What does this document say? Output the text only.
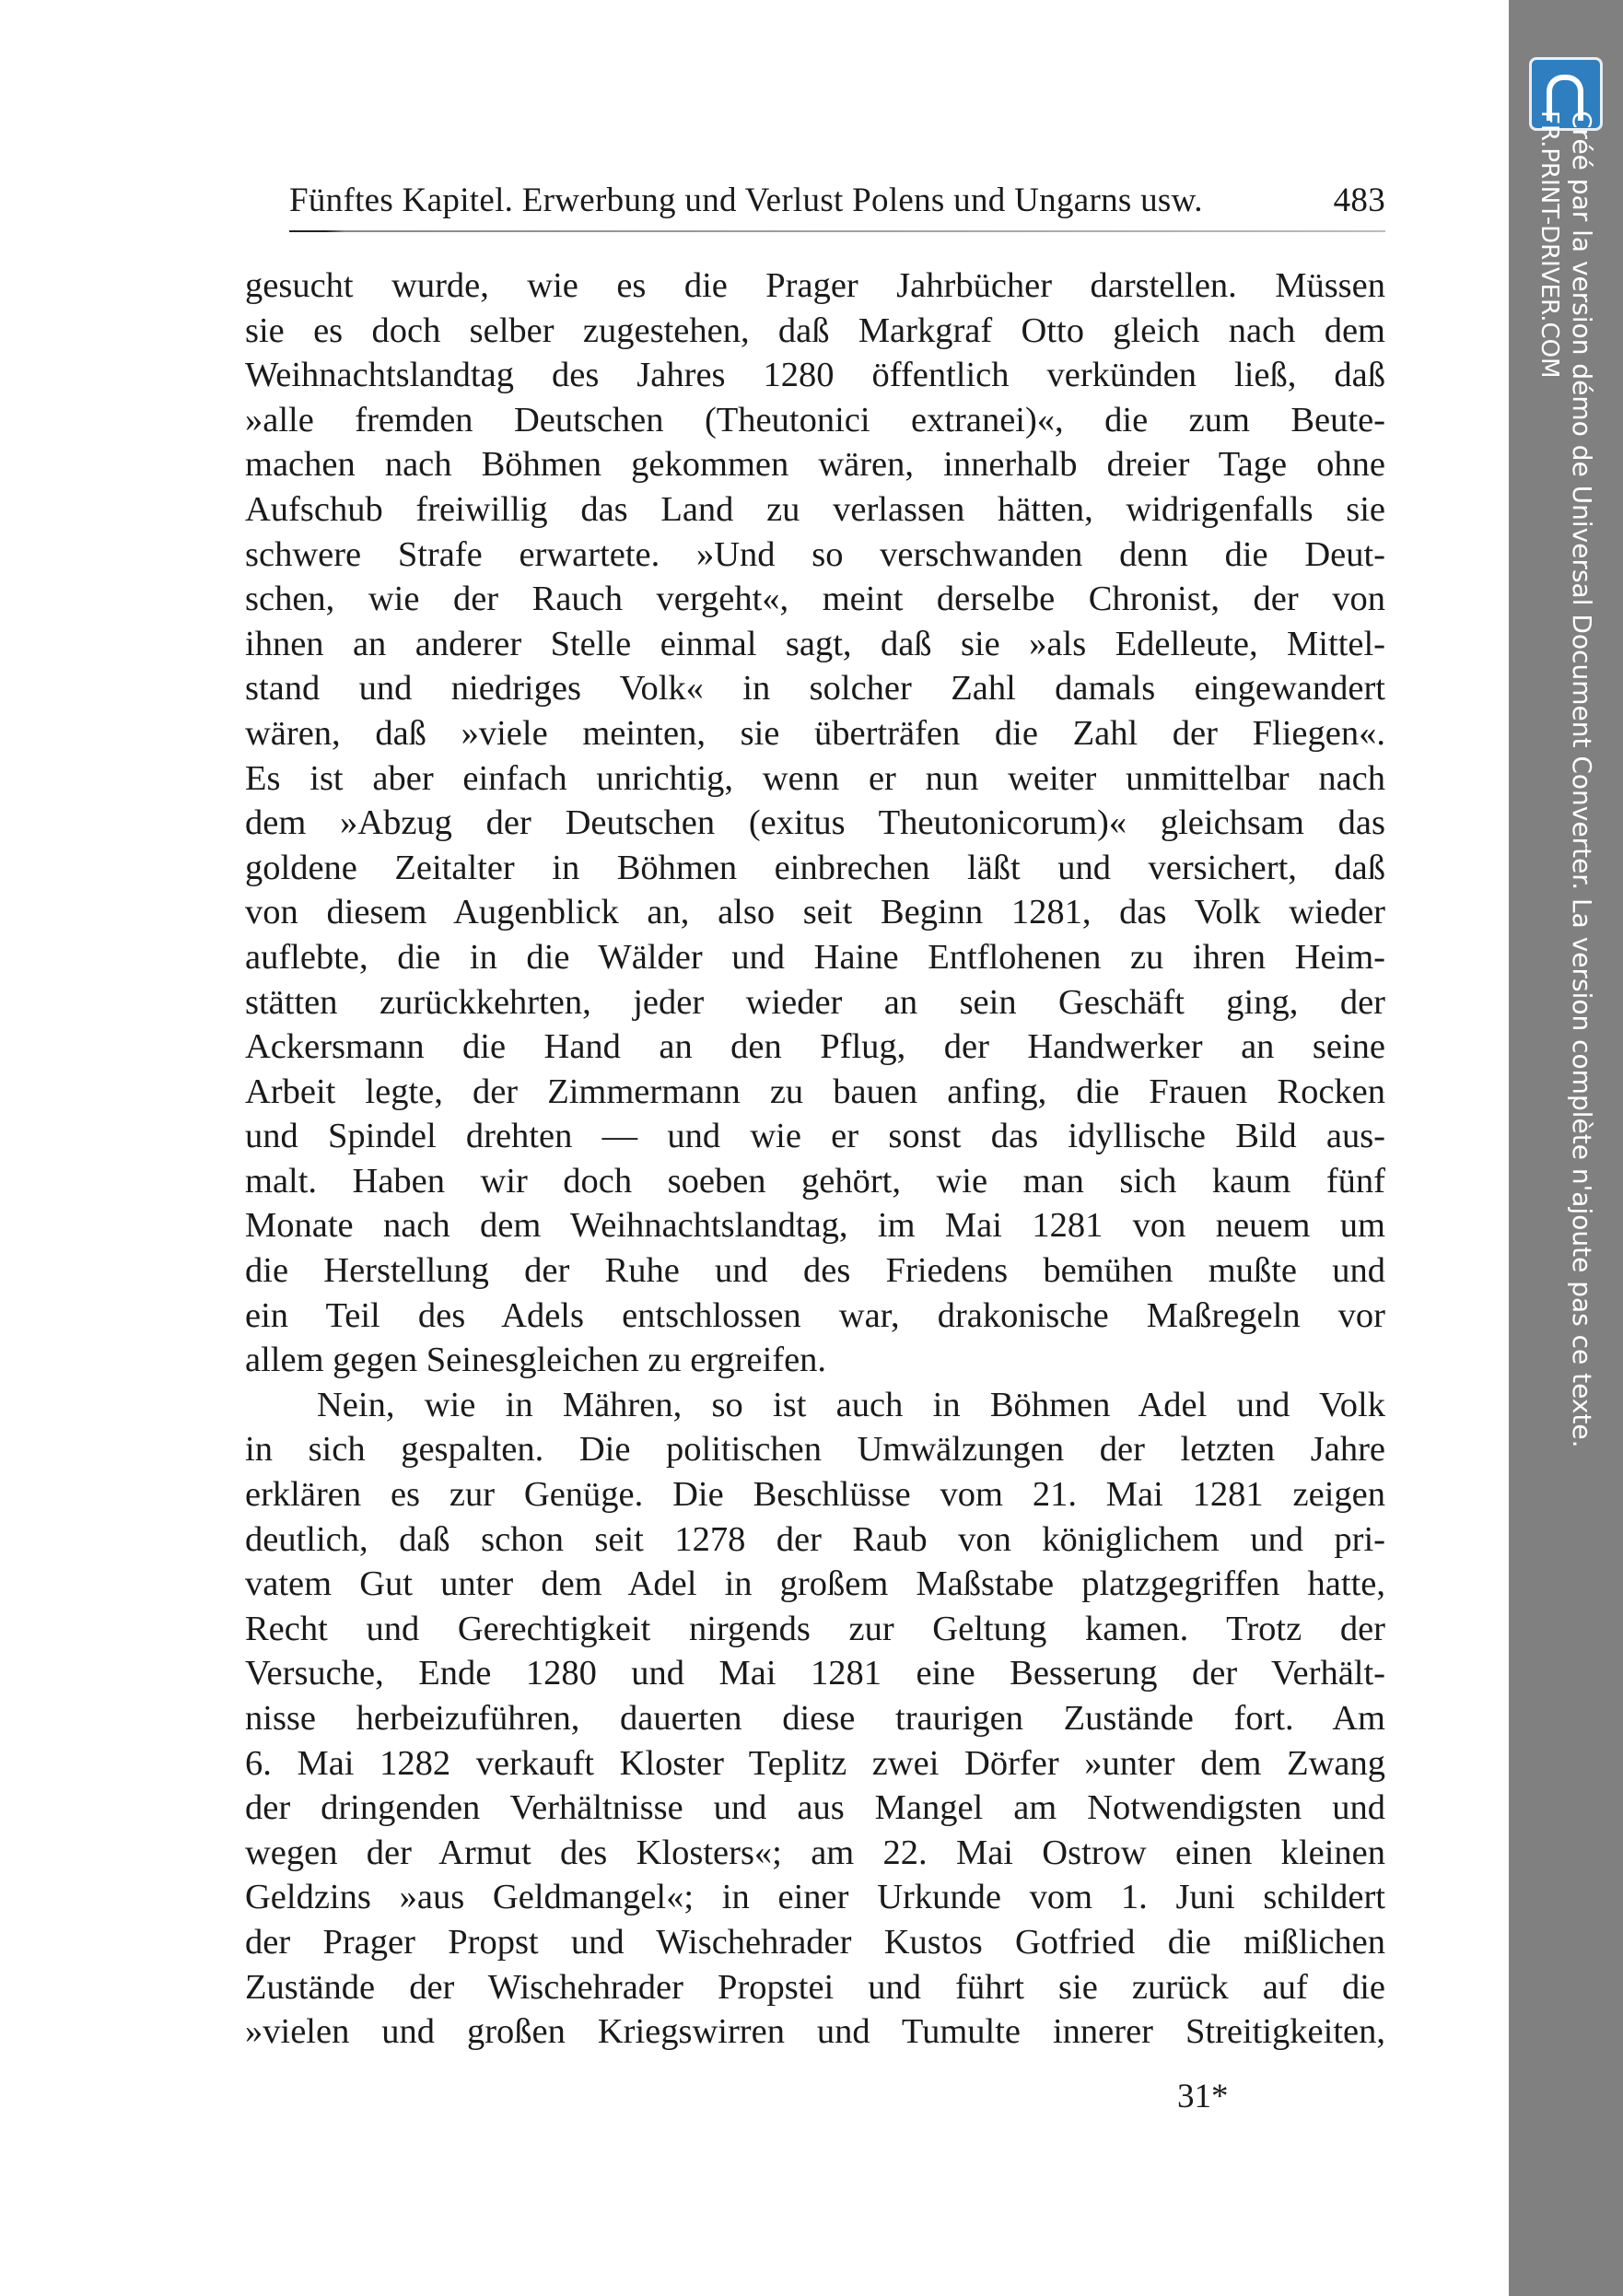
Fünftes Kapitel. Erwerbung und Verlust Polens und Ungarns usw.	483
gesucht wurde, wie es die Prager Jahrbücher darstellen. Müssen
sie es doch selber zugestehen, daß Markgraf Otto gleich nach dem
Weihnachtslandtag des Jahres 1280 öffentlich verkünden ließ, daß
»alle fremden Deutschen (Theutonici extranei)«, die zum Beute-
machen nach Böhmen gekommen wären, innerhalb dreier Tage ohne
Aufschub freiwillig das Land zu verlassen hätten, widrigenfalls sie
schwere Strafe erwartete. »Und so verschwanden denn die Deut-
schen, wie der Rauch vergeht«, meint derselbe Chronist, der von
ihnen an anderer Stelle einmal sagt, daß sie »als Edelleute, Mittel-
stand und niedriges Volk« in solcher Zahl damals eingewandert
wären, daß »viele meinten, sie überträfen die Zahl der Fliegen«.
Es ist aber einfach unrichtig, wenn er nun weiter unmittelbar nach
dem »Abzug der Deutschen (exitus Theutonicorum)« gleichsam das
goldene Zeitalter in Böhmen einbrechen läßt und versichert, daß
von diesem Augenblick an, also seit Beginn 1281, das Volk wieder
auflebte, die in die Wälder und Haine Entflohenen zu ihren Heim-
stätten zurückkehrten, jeder wieder an sein Geschäft ging, der
Ackersmann die Hand an den Pflug, der Handwerker an seine
Arbeit legte, der Zimmermann zu bauen anfing, die Frauen Rocken
und Spindel drehten — und wie er sonst das idyllische Bild aus-
malt. Haben wir doch soeben gehört, wie man sich kaum fünf
Monate nach dem Weihnachtslandtag, im Mai 1281 von neuem um
die Herstellung der Ruhe und des Friedens bemühen mußte und
ein Teil des Adels entschlossen war, drakonische Maßregeln vor
allem gegen Seinesgleichen zu ergreifen.
Nein, wie in Mähren, so ist auch in Böhmen Adel und Volk
in sich gespalten. Die politischen Umwälzungen der letzten Jahre
erklären es zur Genüge. Die Beschlüsse vom 21. Mai 1281 zeigen
deutlich, daß schon seit 1278 der Raub von königlichem und pri-
vatem Gut unter dem Adel in großem Maßstabe platzgegriffen hatte,
Recht und Gerechtigkeit nirgends zur Geltung kamen. Trotz der
Versuche, Ende 1280 und Mai 1281 eine Besserung der Verhält-
nisse herbeizuführen, dauerten diese traurigen Zustände fort. Am
6. Mai 1282 verkauft Kloster Teplitz zwei Dörfer »unter dem Zwang
der dringenden Verhältnisse und aus Mangel am Notwendigsten und
wegen der Armut des Klosters«; am 22. Mai Ostrow einen kleinen
Geldzins »aus Geldmangel«; in einer Urkunde vom 1. Juni schildert
der Prager Propst und Wischehrader Kustos Gotfried die mißlichen
Zustände der Wischehrader Propstei und führt sie zurück auf die
»vielen und großen Kriegswirren und Tumulte innerer Streitigkeiten,
31*
Créé par la version démo de Universal Document Converter. La version complète n'ajoute pas ce texte.
FR.PRINT-DRIVER.COM
